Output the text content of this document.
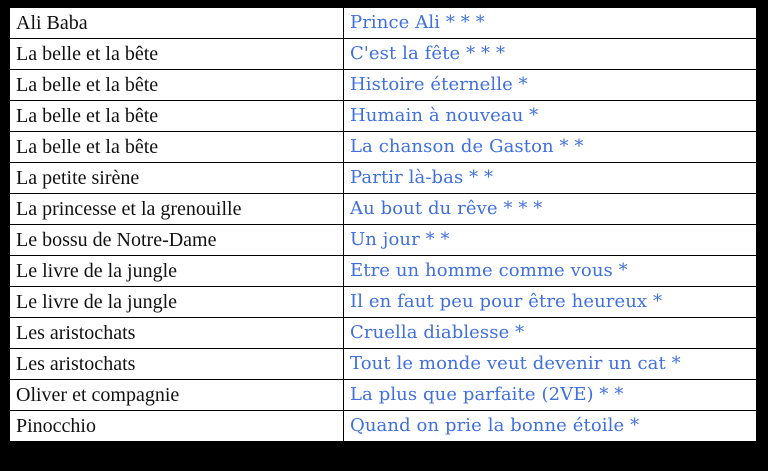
Ali Baba	Prince Ali * * *
La belle et la bête	C'est la fête * * *
La belle et la bête	Histoire éternelle *
La belle et la bête	Humain à nouveau *
La belle et la bête	La chanson de Gaston * *
La petite sirène	Partir là-bas * *
La princesse et la grenouille	Au bout du rêve * * *
Le bossu de Notre-Dame	Un jour * *
Le livre de la jungle	Etre un homme comme vous *
Le livre de la jungle	Il en faut peu pour être heureux *
Les aristochats	Cruella diablesse *
Les aristochats	Tout le monde veut devenir un cat *
Oliver et compagnie	La plus que parfaite (2VE) * *
Pinocchio	Quand on prie la bonne étoile *
